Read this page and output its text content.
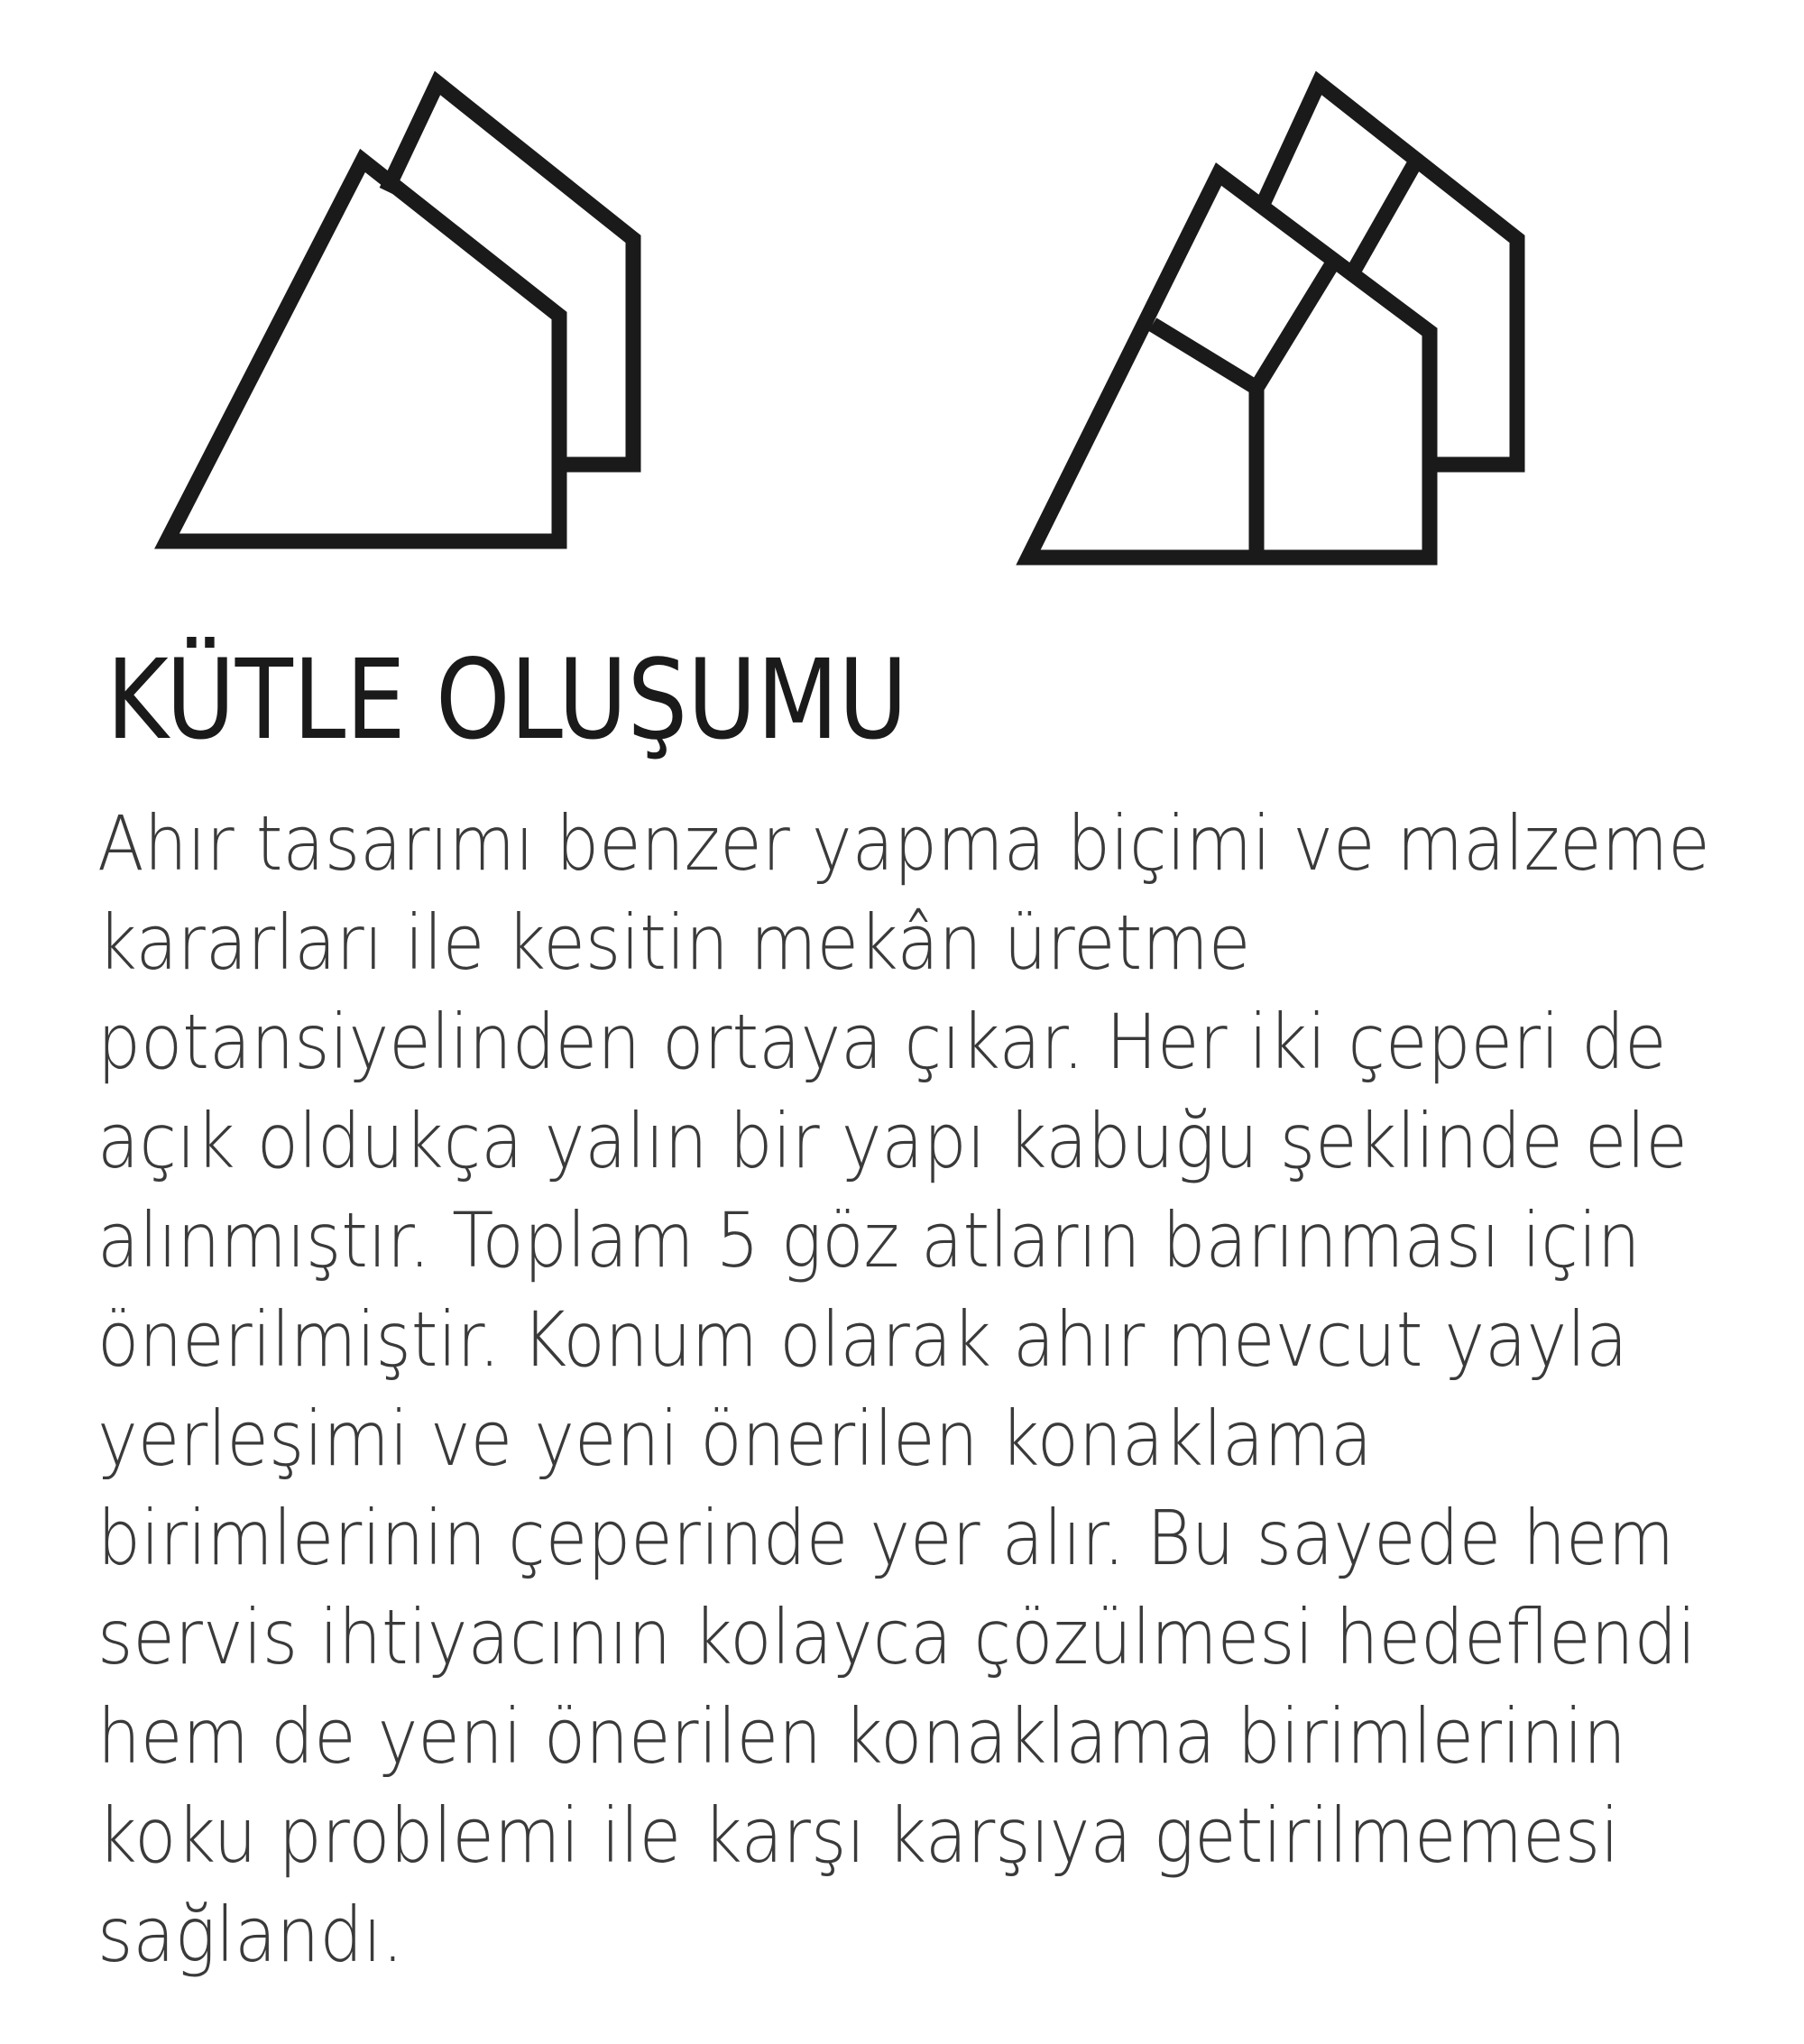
KÜTLE OLUŞUMU

Ahır tasarımı benzer yapma biçimi ve malzeme
kararları ile kesitin mekân üretme
potansiyelinden ortaya çıkar. Her iki çeperi de
açık oldukça yalın bir yapı kabuğu şeklinde ele
alınmıştır. Toplam 5 göz atların barınması için
önerilmiştir. Konum olarak ahır mevcut yayla
yerleşimi ve yeni önerilen konaklama
birimlerinin çeperinde yer alır. Bu sayede hem
servis ihtiyacının kolayca çözülmesi hedeflendi
hem de yeni önerilen konaklama birimlerinin
koku problemi ile karşı karşıya getirilmemesi
sağlandı.
